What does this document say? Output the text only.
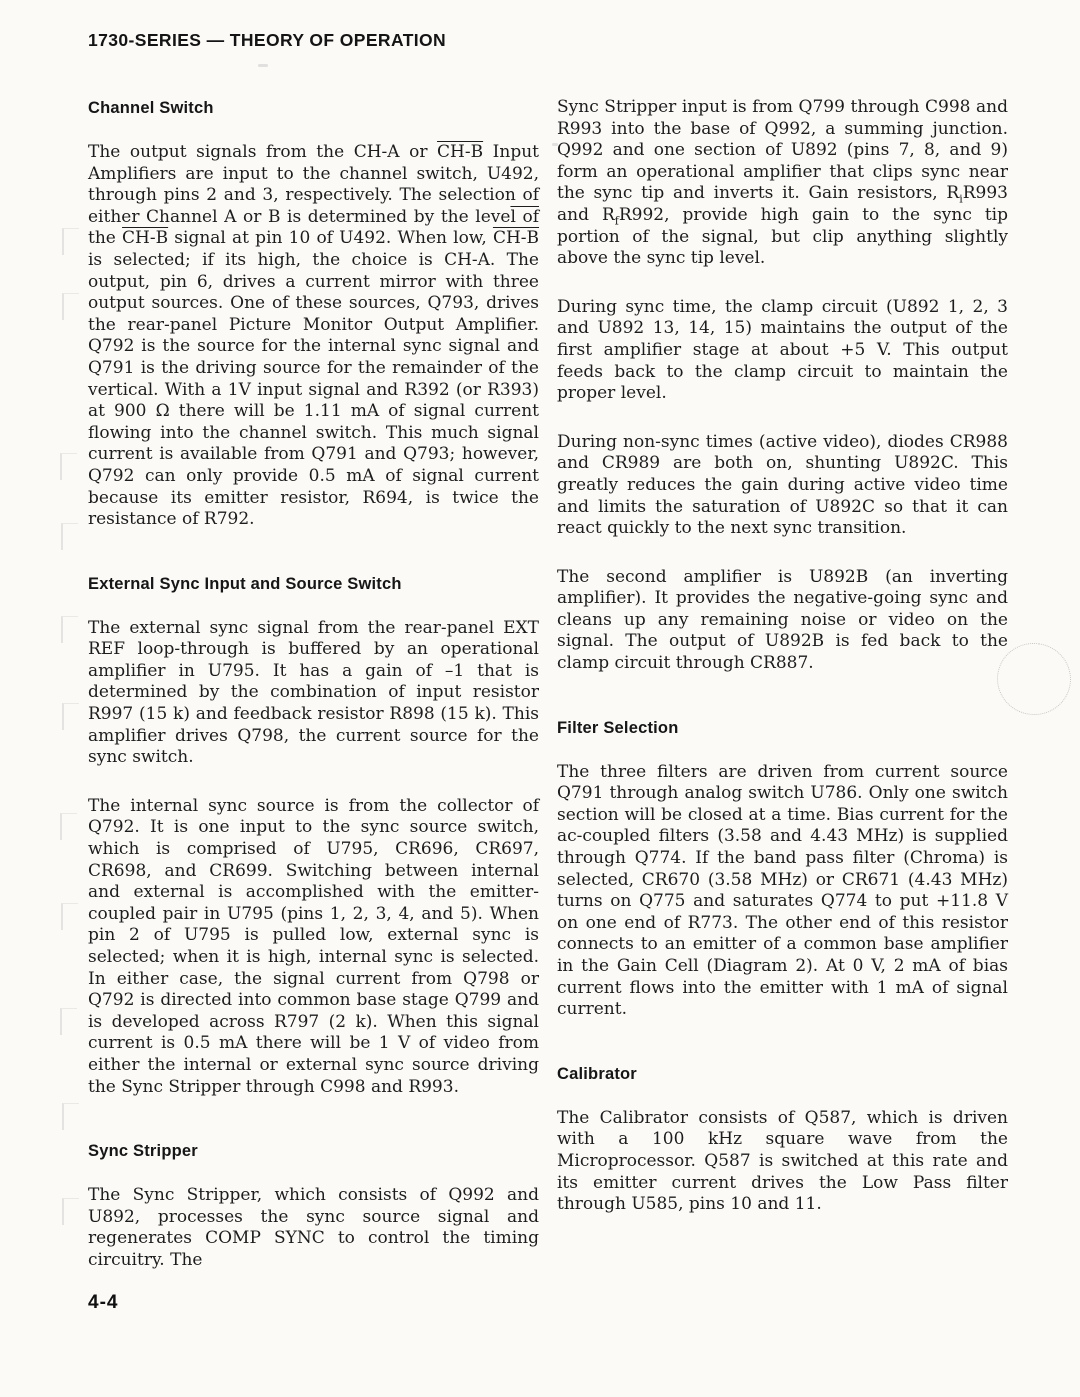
1730-SERIES — THEORY OF OPERATION
Channel Switch

The output signals from the CH-A or CH-B Input Amplifiers are input to the channel switch, U492, through pins 2 and 3, respectively. The selection of either Channel A or B is determined by the level of the CH-B signal at pin 10 of U492. When low, CH-B is selected; if its high, the choice is CH-A. The output, pin 6, drives a current mirror with three output sources. One of these sources, Q793, drives the rear-panel Picture Monitor Output Amplifier. Q792 is the source for the internal sync signal and Q791 is the driving source for the remainder of the vertical. With a 1V input signal and R392 (or R393) at 900 Ω there will be 1.11 mA of signal current flowing into the channel switch. This much signal current is available from Q791 and Q793; however, Q792 can only provide 0.5 mA of signal current because its emitter resistor, R694, is twice the resistance of R792.

External Sync Input and Source Switch

The external sync signal from the rear-panel EXT REF loop-through is buffered by an operational amplifier in U795. It has a gain of –1 that is determined by the combination of input resistor R997 (15 k) and feedback resistor R898 (15 k). This amplifier drives Q798, the current source for the sync switch.

The internal sync source is from the collector of Q792. It is one input to the sync source switch, which is comprised of U795, CR696, CR697, CR698, and CR699. Switching between internal and external is accomplished with the emitter-coupled pair in U795 (pins 1, 2, 3, 4, and 5). When pin 2 of U795 is pulled low, external sync is selected; when it is high, internal sync is selected. In either case, the signal current from Q798 or Q792 is directed into common base stage Q799 and is developed across R797 (2 k). When this signal current is 0.5 mA there will be 1 V of video from either the internal or external sync source driving the Sync Stripper through C998 and R993.

Sync Stripper

The Sync Stripper, which consists of Q992 and U892, processes the sync source signal and regenerates COMP SYNC to control the timing circuitry. The

Sync Stripper input is from Q799 through C998 and R993 into the base of Q992, a summing junction. Q992 and one section of U892 (pins 7, 8, and 9) form an operational amplifier that clips sync near the sync tip and inverts it. Gain resistors, $R_iR993$ and $R_fR992$, provide high gain to the sync tip portion of the signal, but clip anything slightly above the sync tip level.

During sync time, the clamp circuit (U892 1, 2, 3 and U892 13, 14, 15) maintains the output of the first amplifier stage at about +5 V. This output feeds back to the clamp circuit to maintain the proper level.

During non-sync times (active video), diodes CR988 and CR989 are both on, shunting U892C. This greatly reduces the gain during active video time and limits the saturation of U892C so that it can react quickly to the next sync transition.

The second amplifier is U892B (an inverting amplifier). It provides the negative-going sync and cleans up any remaining noise or video on the signal. The output of U892B is fed back to the clamp circuit through CR887.

Filter Selection

The three filters are driven from current source Q791 through analog switch U786. Only one switch section will be closed at a time. Bias current for the ac-coupled filters (3.58 and 4.43 MHz) is supplied through Q774. If the band pass filter (Chroma) is selected, CR670 (3.58 MHz) or CR671 (4.43 MHz) turns on Q775 and saturates Q774 to put +11.8 V on one end of R773. The other end of this resistor connects to an emitter of a common base amplifier in the Gain Cell (Diagram 2). At 0 V, 2 mA of bias current flows into the emitter with 1 mA of signal current.

Calibrator

The Calibrator consists of Q587, which is driven with a 100 kHz square wave from the Microprocessor. Q587 is switched at this rate and its emitter current drives the Low Pass filter through U585, pins 10 and 11.

4-4
